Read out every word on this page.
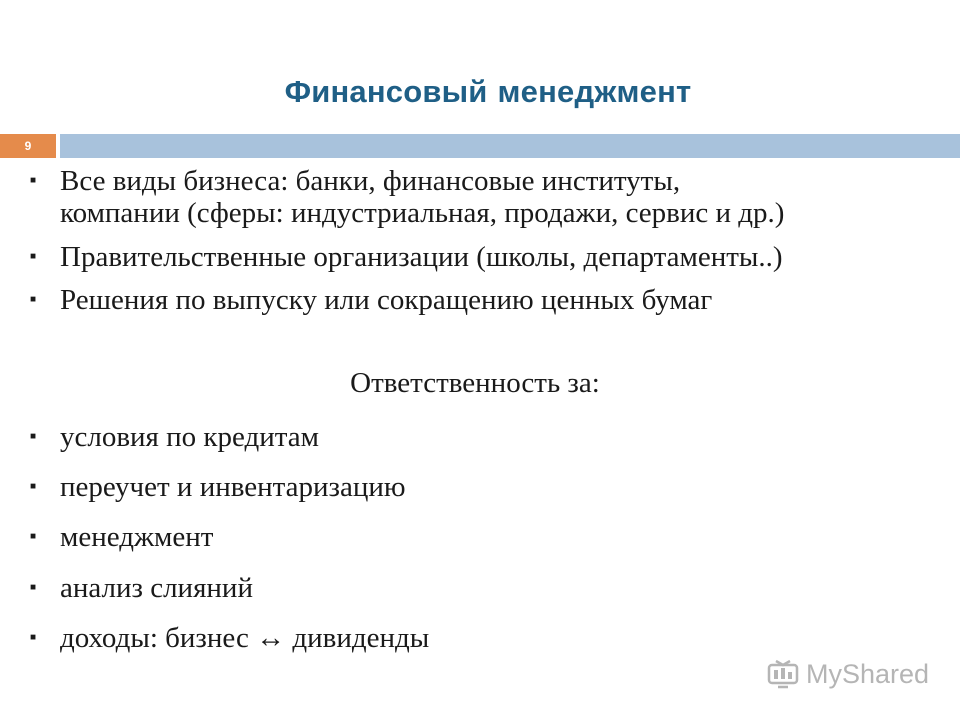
Финансовый менеджмент
9
■ Все виды бизнеса: банки, финансовые институты,
компании (сферы: индустриальная, продажи, сервис и др.)
■ Правительственные организации (школы, департаменты..)
■ Решения по выпуску или сокращению ценных бумаг
Ответственность за:
■ условия по кредитам
■ переучет и инвентаризацию
■ менеджмент
■ анализ слияний
■ доходы: бизнес ↔ дивиденды
MyShared
